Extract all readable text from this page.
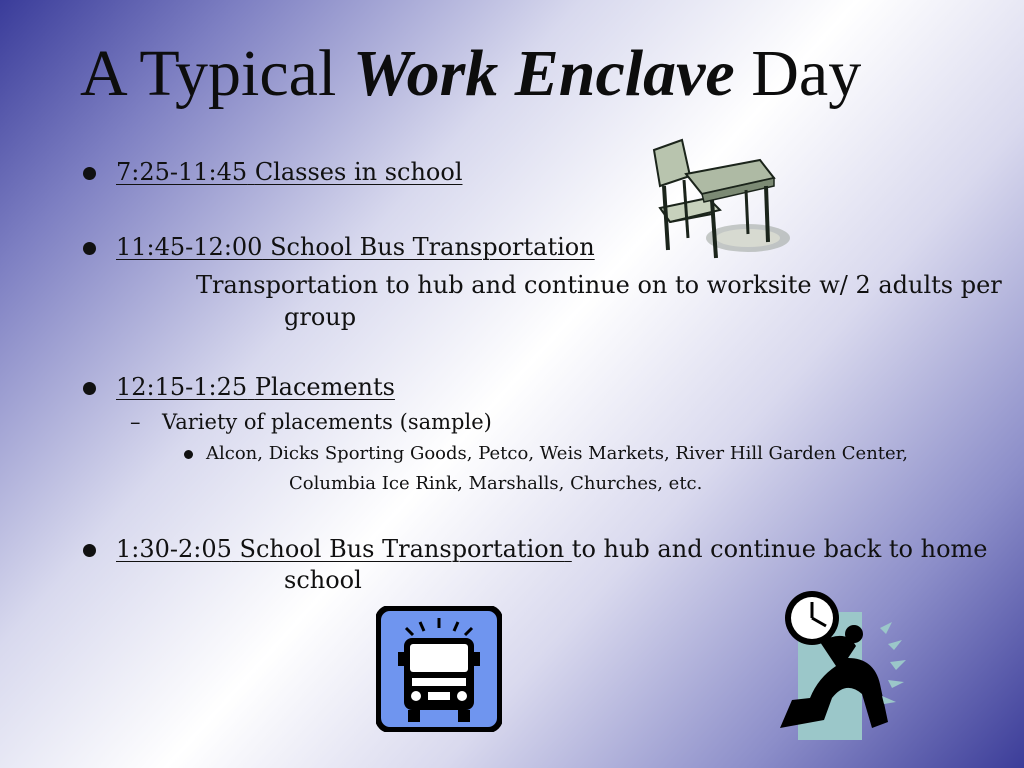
A Typical Work Enclave Day
7:25-11:45 Classes in school
11:45-12:00 School Bus Transportation
Transportation to hub and continue on to worksite w/ 2 adults per
group
12:15-1:25 Placements
– Variety of placements (sample)
Alcon, Dicks Sporting Goods, Petco, Weis Markets, River Hill Garden Center,
Columbia Ice Rink, Marshalls, Churches, etc.
1:30-2:05 School Bus Transportation to hub and continue back to home
school
